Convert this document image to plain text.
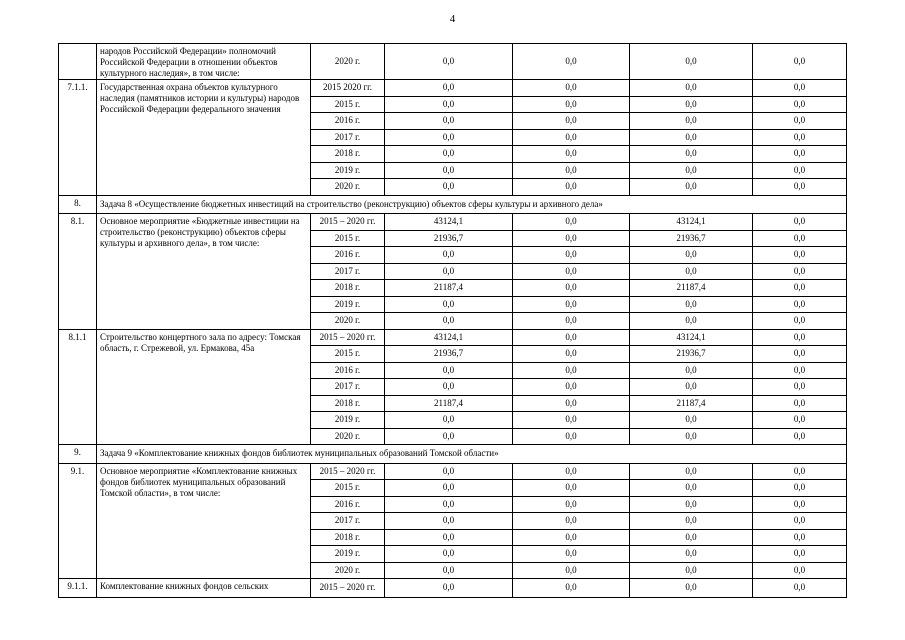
4
	народов Российской Федерации» полномочий Российской Федерации в отношении объектов культурного наследия», в том числе:	2020 г.	0,0	0,0	0,0	0,0
7.1.1.	Государственная охрана объектов культурного наследия (памятников истории и культуры) народов Российской Федерации федерального значения	2015 2020 гг.	0,0	0,0	0,0	0,0
		2015 г.	0,0	0,0	0,0	0,0
		2016 г.	0,0	0,0	0,0	0,0
		2017 г.	0,0	0,0	0,0	0,0
		2018 г.	0,0	0,0	0,0	0,0
		2019 г.	0,0	0,0	0,0	0,0
		2020 г.	0,0	0,0	0,0	0,0
8.	Задача 8 «Осуществление бюджетных инвестиций на строительство (реконструкцию) объектов сферы культуры и архивного дела»					
8.1.	Основное мероприятие «Бюджетные инвестиции на строительство (реконструкцию) объектов сферы культуры и архивного дела», в том числе:	2015 – 2020 гг.	43124,1	0,0	43124,1	0,0
		2015 г.	21936,7	0,0	21936,7	0,0
		2016 г.	0,0	0,0	0,0	0,0
		2017 г.	0,0	0,0	0,0	0,0
		2018 г.	21187,4	0,0	21187,4	0,0
		2019 г.	0,0	0,0	0,0	0,0
		2020 г.	0,0	0,0	0,0	0,0
8.1.1	Строительство концертного зала по адресу: Томская область, г. Стрежевой, ул. Ермакова, 45а	2015 – 2020 гг.	43124,1	0,0	43124,1	0,0
		2015 г.	21936,7	0,0	21936,7	0,0
		2016 г.	0,0	0,0	0,0	0,0
		2017 г.	0,0	0,0	0,0	0,0
		2018 г.	21187,4	0,0	21187,4	0,0
		2019 г.	0,0	0,0	0,0	0,0
		2020 г.	0,0	0,0	0,0	0,0
9.	Задача 9 «Комплектование книжных фондов библиотек муниципальных образований Томской области»					
9.1.	Основное мероприятие «Комплектование книжных фондов библиотек муниципальных образований Томской области», в том числе:	2015 – 2020 гг.	0,0	0,0	0,0	0,0
		2015 г.	0,0	0,0	0,0	0,0
		2016 г.	0,0	0,0	0,0	0,0
		2017 г.	0,0	0,0	0,0	0,0
		2018 г.	0,0	0,0	0,0	0,0
		2019 г.	0,0	0,0	0,0	0,0
		2020 г.	0,0	0,0	0,0	0,0
9.1.1.	Комплектование книжных фондов сельских	2015 – 2020 гг.	0,0	0,0	0,0	0,0
